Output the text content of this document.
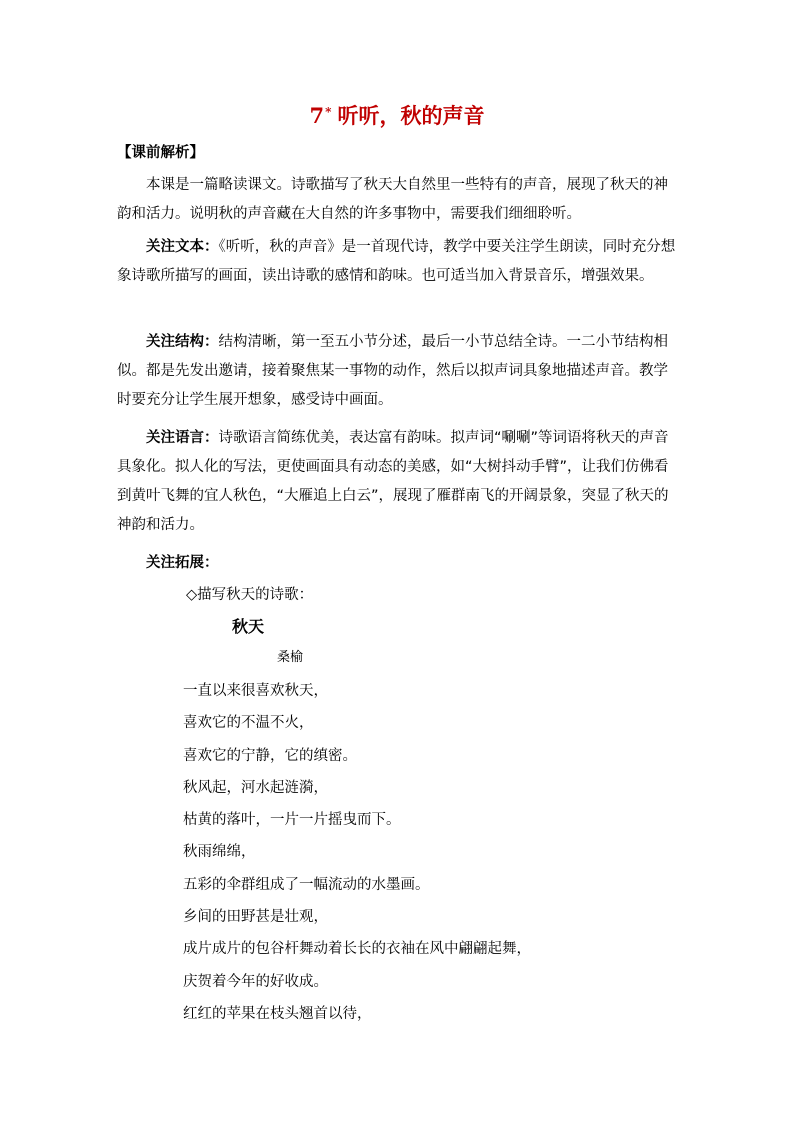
7* 听听，秋的声音
【课前解析】

本课是一篇略读课文。诗歌描写了秋天大自然里一些特有的声音，展现了秋天的神韵和活力。说明秋的声音藏在大自然的许多事物中，需要我们细细聆听。

关注文本：《听听，秋的声音》是一首现代诗，教学中要关注学生朗读，同时充分想象诗歌所描写的画面，读出诗歌的感情和韵味。也可适当加入背景音乐，增强效果。

关注结构：结构清晰，第一至五小节分述，最后一小节总结全诗。一二小节结构相似。都是先发出邀请，接着聚焦某一事物的动作，然后以拟声词具象地描述声音。教学时要充分让学生展开想象，感受诗中画面。

关注语言：诗歌语言简练优美，表达富有韵味。拟声词“唰唰”等词语将秋天的声音具象化。拟人化的写法，更使画面具有动态的美感，如“大树抖动手臂”，让我们仿佛看到黄叶飞舞的宜人秋色，“大雁追上白云”，展现了雁群南飞的开阔景象，突显了秋天的神韵和活力。

关注拓展：

◇描写秋天的诗歌：
秋天
桑榆
一直以来很喜欢秋天，
喜欢它的不温不火，
喜欢它的宁静，它的缜密。
秋风起，河水起涟漪，
枯黄的落叶，一片一片摇曳而下。
秋雨绵绵，
五彩的伞群组成了一幅流动的水墨画。
乡间的田野甚是壮观，
成片成片的包谷杆舞动着长长的衣袖在风中翩翩起舞，
庆贺着今年的好收成。
红红的苹果在枝头翘首以待，
